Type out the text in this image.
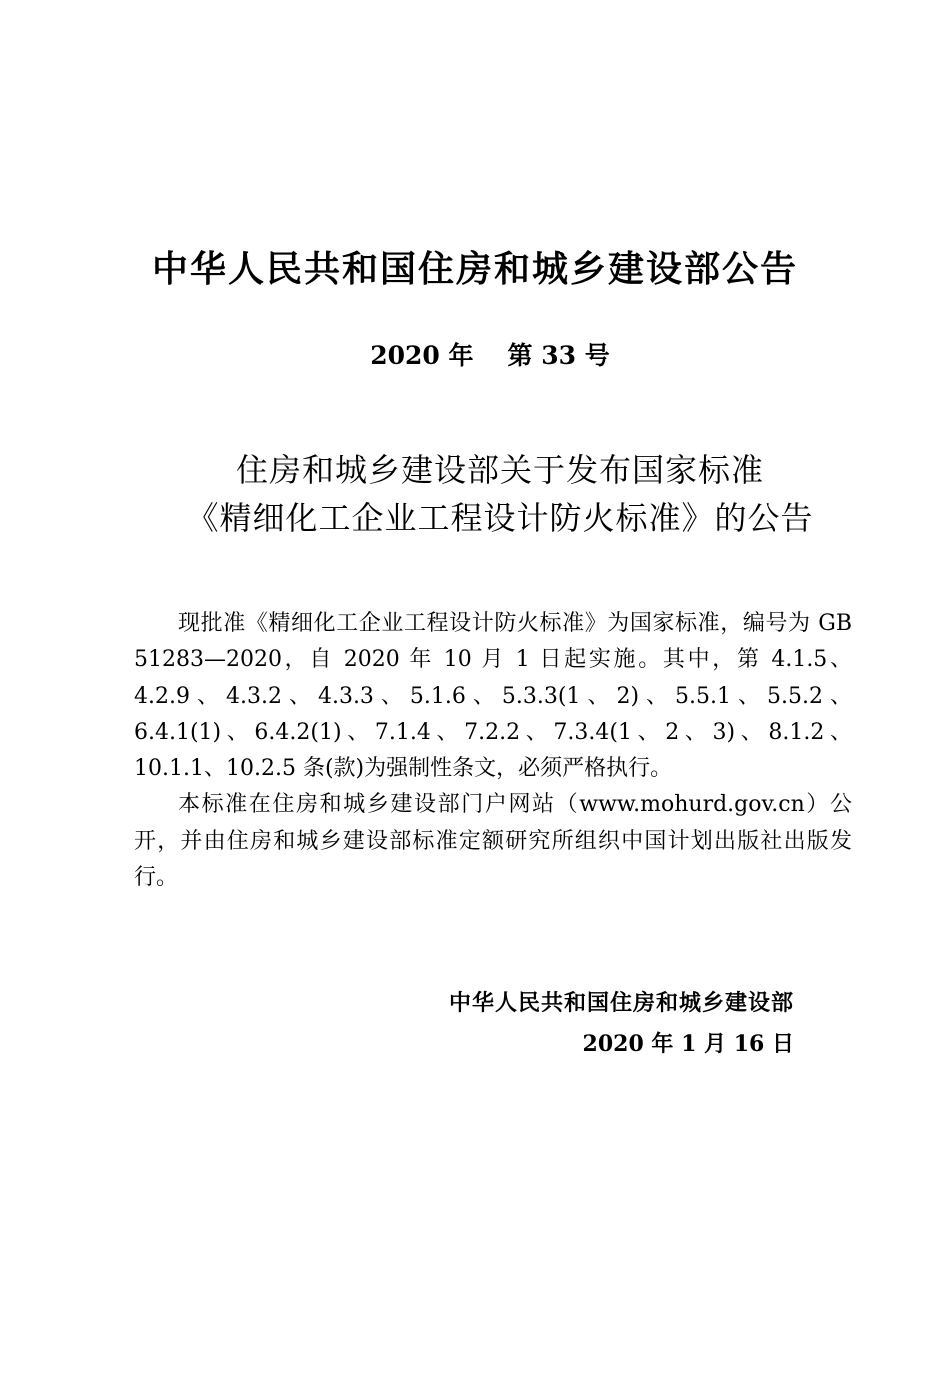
中华人民共和国住房和城乡建设部公告
2020 年 第 33 号
住房和城乡建设部关于发布国家标准
《精细化工企业工程设计防火标准》的公告

现批准《精细化工企业工程设计防火标准》为国家标准，编号为 GB 51283—2020，自 2020 年 10 月 1 日起实施。其中，第 4.1.5、4.2.9、4.3.2、4.3.3、5.1.6、5.3.3(1、2)、5.5.1、5.5.2、6.4.1(1)、6.4.2(1)、7.1.4、7.2.2、7.3.4(1、2、3)、8.1.2、10.1.1、10.2.5 条(款)为强制性条文，必须严格执行。

本标准在住房和城乡建设部门户网站（www.mohurd.gov.cn）公开，并由住房和城乡建设部标准定额研究所组织中国计划出版社出版发行。

中华人民共和国住房和城乡建设部
2020 年 1 月 16 日
